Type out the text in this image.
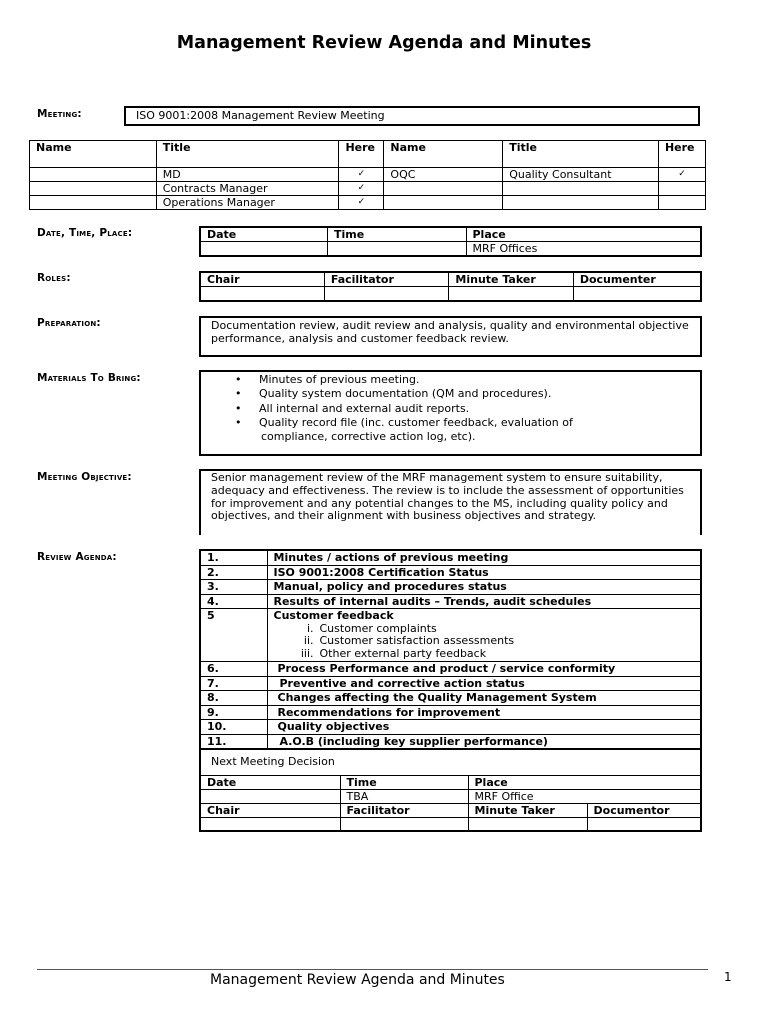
Management Review Agenda and Minutes
Meeting:	ISO 9001:2008 Management Review Meeting
Name	Title	Here	Name	Title	Here
	MD	✓	OQC	Quality Consultant	✓
	Contracts Manager	✓			
	Operations Manager	✓			
Date, Time, Place:	Date	Time	Place
		MRF Offices
Roles:	Chair	Facilitator	Minute Taker	Documenter

Preparation:	Documentation review, audit review and analysis, quality and environmental objective performance, analysis and customer feedback review.
Materials To Bring:	• Minutes of previous meeting.
• Quality system documentation (QM and procedures).
• All internal and external audit reports.
• Quality record file (inc. customer feedback, evaluation of
compliance, corrective action log, etc).
Meeting Objective:	Senior management review of the MRF management system to ensure suitability, adequacy and effectiveness. The review is to include the assessment of opportunities for improvement and any potential changes to the MS, including quality policy and objectives, and their alignment with business objectives and strategy.
Review Agenda:	1.	Minutes / actions of previous meeting
2.	ISO 9001:2008 Certification Status
3.	Manual, policy and procedures status
4.	Results of internal audits – Trends, audit schedules
5	Customer feedback
i. Customer complaints
ii. Customer satisfaction assessments
iii. Other external party feedback

6.	Process Performance and product / service conformity
7.	Preventive and corrective action status
8.	Changes affecting the Quality Management System
9.	Recommendations for improvement
10.	Quality objectives
11.	A.O.B (including key supplier performance)
Next Meeting Decision
Date	Time	Place	
	TBA	MRF Office	
Chair	Facilitator	Minute Taker	Documentor

Management Review Agenda and Minutes	1
